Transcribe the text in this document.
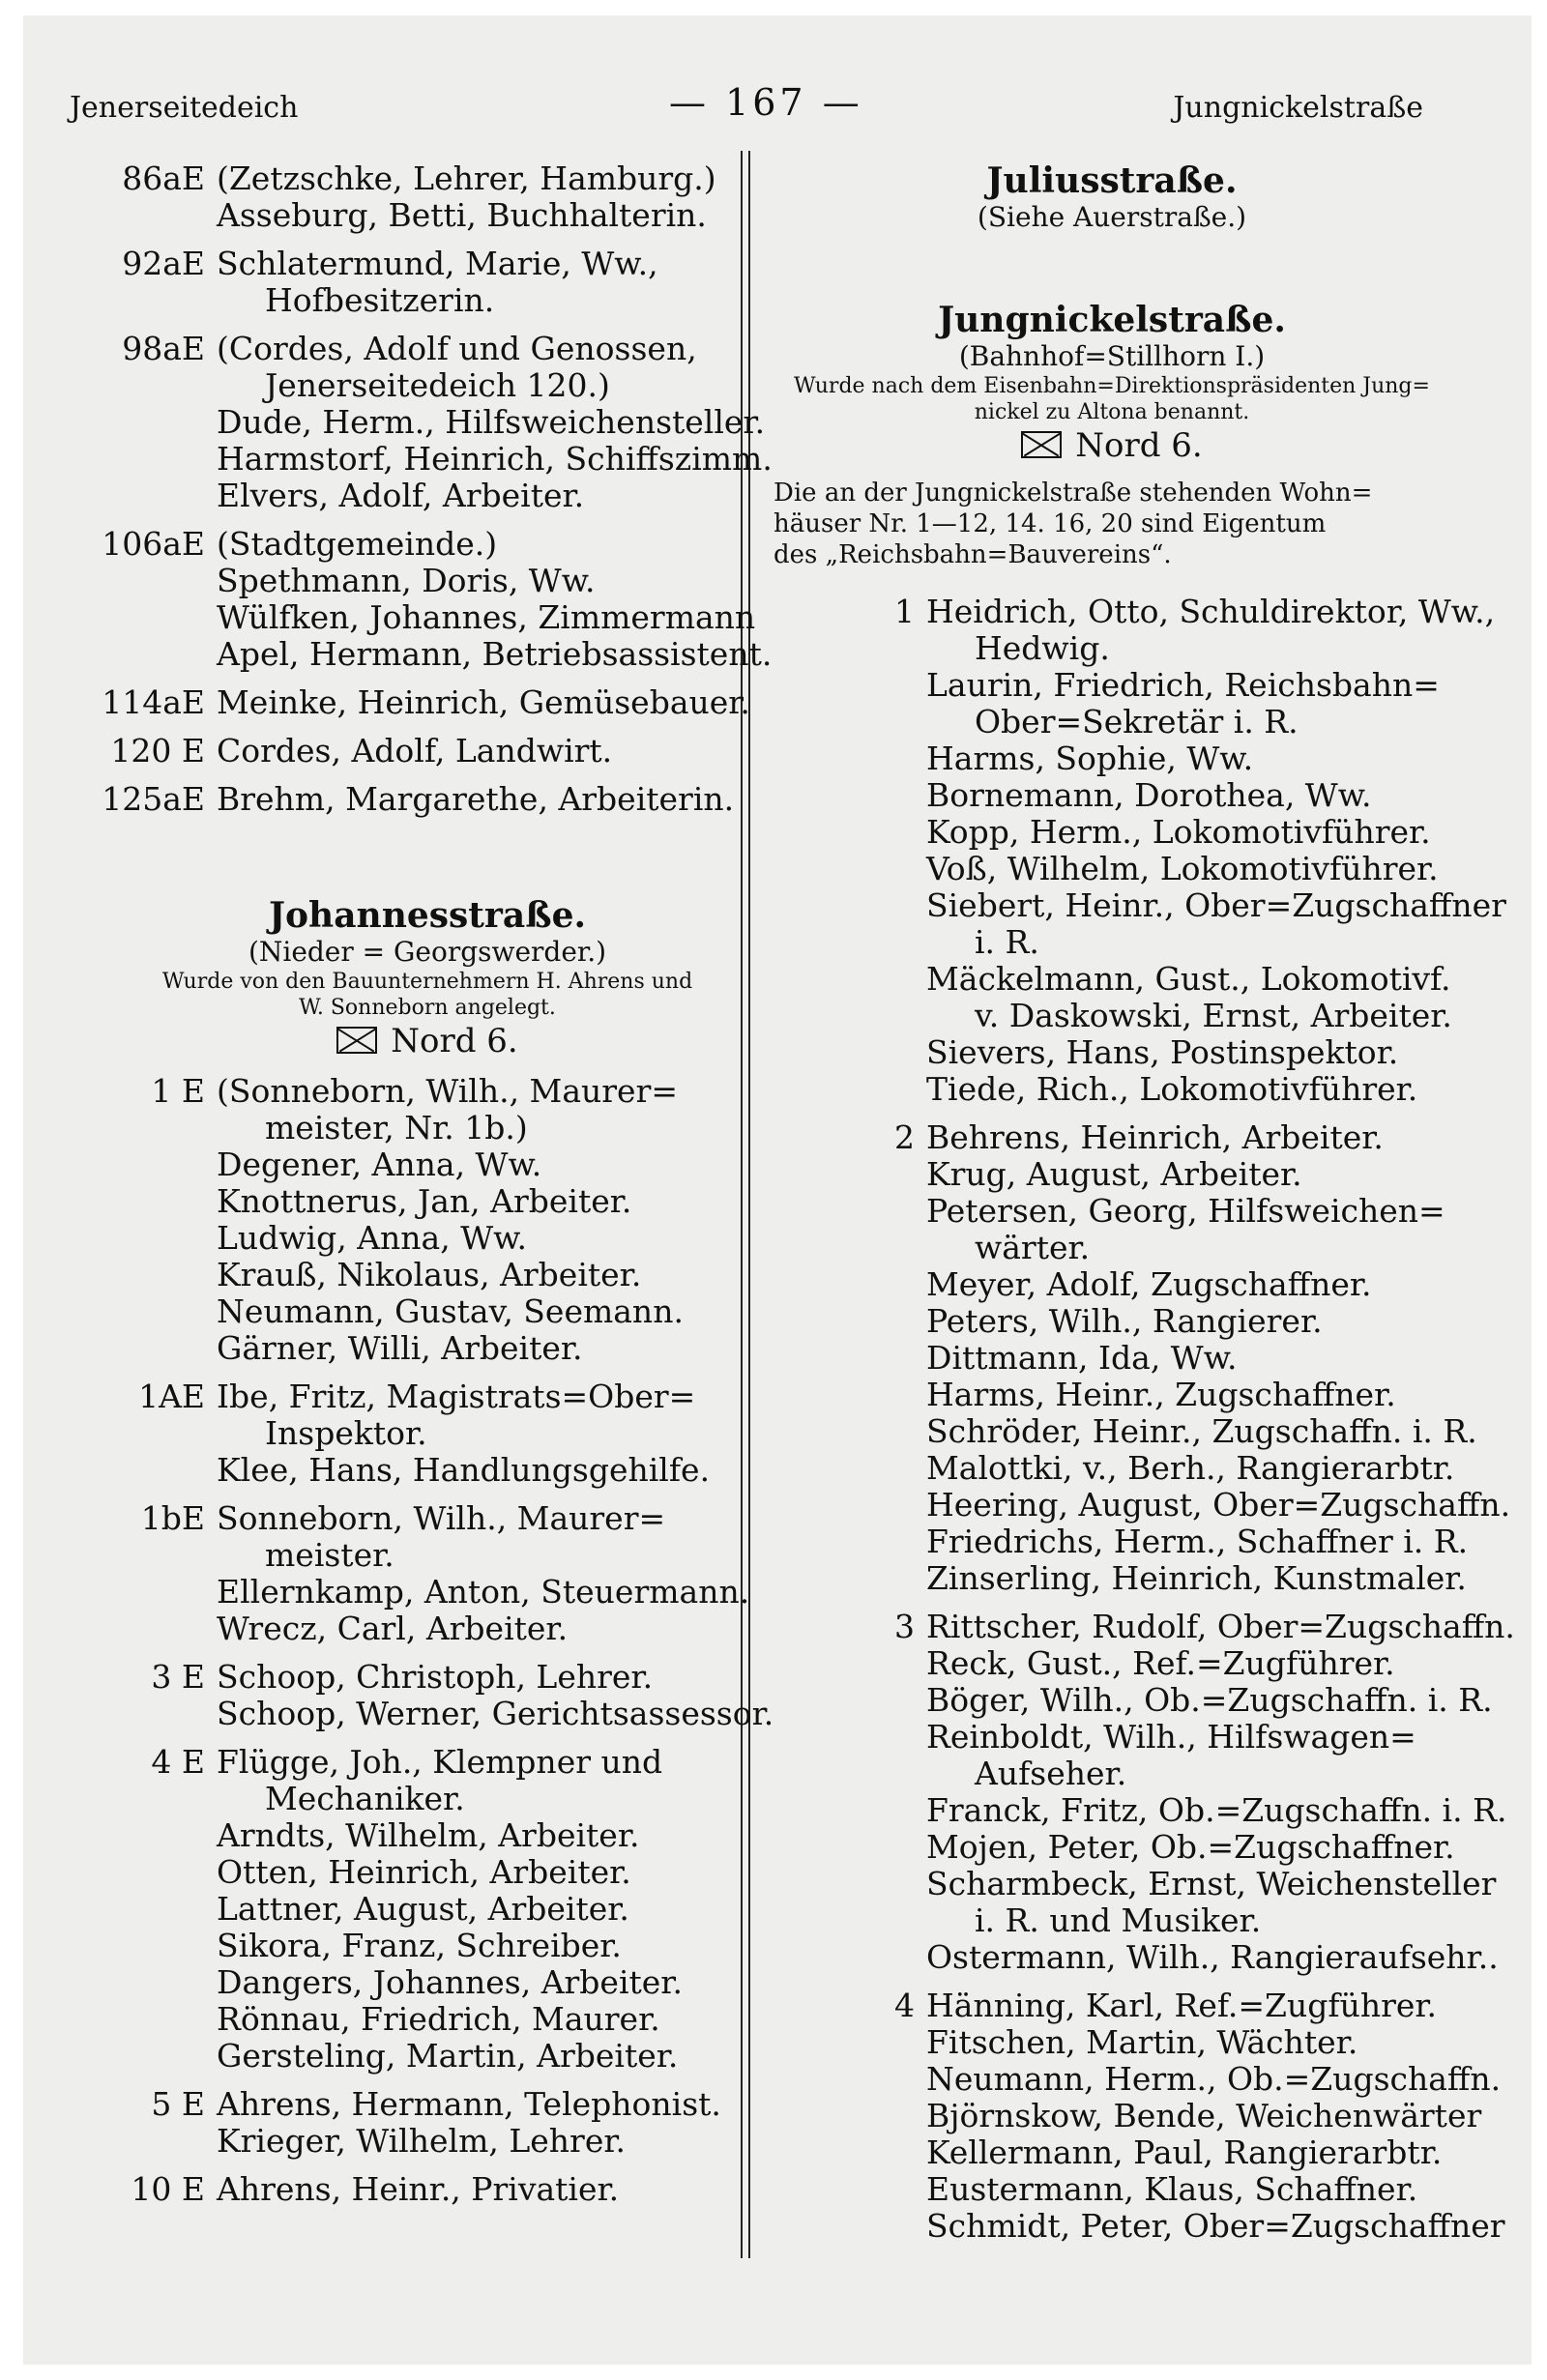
Jenerseitedeich	— 167 —	Jungnickelstraße
86aE (Zetzschke, Lehrer, Hamburg.)
Asseburg, Betti, Buchhalterin.
92aE Schlatermund, Marie, Ww.,
Hofbesitzerin.
98aE (Cordes, Adolf und Genossen,
Jenerseitedeich 120.)
Dude, Herm., Hilfsweichensteller.
Harmstorf, Heinrich, Schiffszimm.
Elvers, Adolf, Arbeiter.
106aE (Stadtgemeinde.)
Spethmann, Doris, Ww.
Wülfken, Johannes, Zimmermann
Apel, Hermann, Betriebsassistent.
114aE Meinke, Heinrich, Gemüsebauer.
120 E Cordes, Adolf, Landwirt.
125aE Brehm, Margarethe, Arbeiterin.
Johannesstraße.
(Nieder = Georgswerder.)
Wurde von den Bauunternehmern H. Ahrens und
W. Sonneborn angelegt.
Nord 6.
1 E (Sonneborn, Wilh., Maurer=
meister, Nr. 1b.)
Degener, Anna, Ww.
Knottnerus, Jan, Arbeiter.
Ludwig, Anna, Ww.
Krauß, Nikolaus, Arbeiter.
Neumann, Gustav, Seemann.
Gärner, Willi, Arbeiter.
1AE Ibe, Fritz, Magistrats=Ober=
Inspektor.
Klee, Hans, Handlungsgehilfe.
1bE Sonneborn, Wilh., Maurer=
meister.
Ellernkamp, Anton, Steuermann.
Wrecz, Carl, Arbeiter.
3 E Schoop, Christoph, Lehrer.
Schoop, Werner, Gerichtsassessor.
4 E Flügge, Joh., Klempner und
Mechaniker.
Arndts, Wilhelm, Arbeiter.
Otten, Heinrich, Arbeiter.
Lattner, August, Arbeiter.
Sikora, Franz, Schreiber.
Dangers, Johannes, Arbeiter.
Rönnau, Friedrich, Maurer.
Gersteling, Martin, Arbeiter.
5 E Ahrens, Hermann, Telephonist.
Krieger, Wilhelm, Lehrer.
10 E Ahrens, Heinr., Privatier.
Juliusstraße.
(Siehe Auerstraße.)
Jungnickelstraße.
(Bahnhof=Stillhorn I.)
Wurde nach dem Eisenbahn=Direktionspräsidenten Jung=
nickel zu Altona benannt.
Nord 6.
Die an der Jungnickelstraße stehenden Wohn=
häuser Nr. 1—12, 14. 16, 20 sind Eigentum
des „Reichsbahn=Bauvereins“.
1 Heidrich, Otto, Schuldirektor, Ww.,
Hedwig.
Laurin, Friedrich, Reichsbahn=
Ober=Sekretär i. R.
Harms, Sophie, Ww.
Bornemann, Dorothea, Ww.
Kopp, Herm., Lokomotivführer.
Voß, Wilhelm, Lokomotivführer.
Siebert, Heinr., Ober=Zugschaffner
i. R.
Mäckelmann, Gust., Lokomotivf.
v. Daskowski, Ernst, Arbeiter.
Sievers, Hans, Postinspektor.
Tiede, Rich., Lokomotivführer.
2 Behrens, Heinrich, Arbeiter.
Krug, August, Arbeiter.
Petersen, Georg, Hilfsweichen=
wärter.
Meyer, Adolf, Zugschaffner.
Peters, Wilh., Rangierer.
Dittmann, Ida, Ww.
Harms, Heinr., Zugschaffner.
Schröder, Heinr., Zugschaffn. i. R.
Malottki, v., Berh., Rangierarbtr.
Heering, August, Ober=Zugschaffn.
Friedrichs, Herm., Schaffner i. R.
Zinserling, Heinrich, Kunstmaler.
3 Rittscher, Rudolf, Ober=Zugschaffn.
Reck, Gust., Ref.=Zugführer.
Böger, Wilh., Ob.=Zugschaffn. i. R.
Reinboldt, Wilh., Hilfswagen=
Aufseher.
Franck, Fritz, Ob.=Zugschaffn. i. R.
Mojen, Peter, Ob.=Zugschaffner.
Scharmbeck, Ernst, Weichensteller
i. R. und Musiker.
Ostermann, Wilh., Rangieraufsehr..
4 Hänning, Karl, Ref.=Zugführer.
Fitschen, Martin, Wächter.
Neumann, Herm., Ob.=Zugschaffn.
Björnskow, Bende, Weichenwärter
Kellermann, Paul, Rangierarbtr.
Eustermann, Klaus, Schaffner.
Schmidt, Peter, Ober=Zugschaffner
